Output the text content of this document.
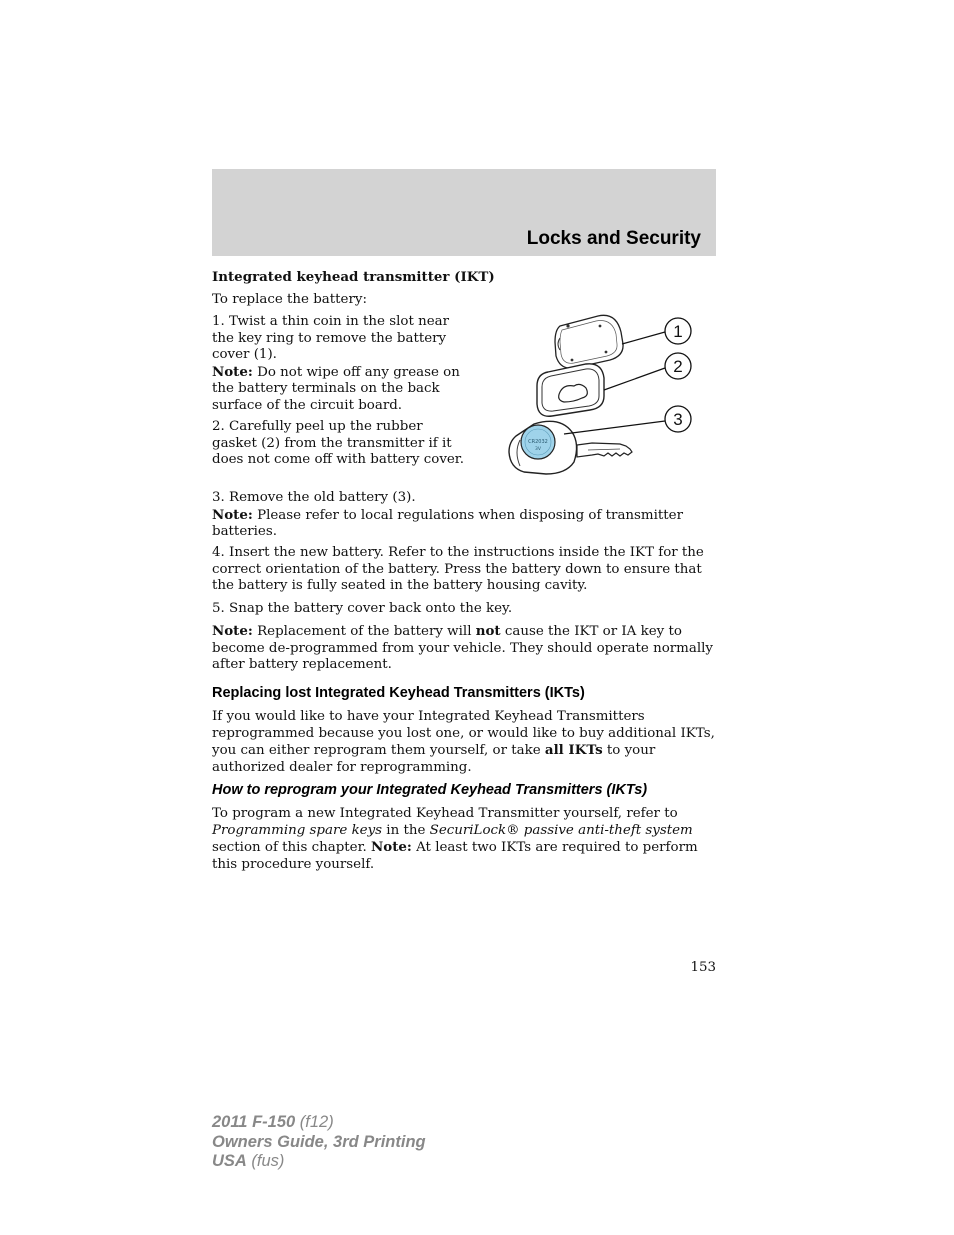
Locks and Security
Integrated keyhead transmitter (IKT)
To replace the battery:
1. Twist a thin coin in the slot near the key ring to remove the battery cover (1).
Note: Do not wipe off any grease on the battery terminals on the back surface of the circuit board.
2. Carefully peel up the rubber gasket (2) from the transmitter if it does not come off with battery cover.
3. Remove the old battery (3).
Note: Please refer to local regulations when disposing of transmitter batteries.
4. Insert the new battery. Refer to the instructions inside the IKT for the correct orientation of the battery. Press the battery down to ensure that the battery is fully seated in the battery housing cavity.
5. Snap the battery cover back onto the key.
Note: Replacement of the battery will not cause the IKT or IA key to become de-programmed from your vehicle. They should operate normally after battery replacement.
Replacing lost Integrated Keyhead Transmitters (IKTs)
If you would like to have your Integrated Keyhead Transmitters reprogrammed because you lost one, or would like to buy additional IKTs, you can either reprogram them yourself, or take all IKTs to your authorized dealer for reprogramming.
How to reprogram your Integrated Keyhead Transmitters (IKTs)
To program a new Integrated Keyhead Transmitter yourself, refer to Programming spare keys in the SecuriLock® passive anti-theft system section of this chapter. Note: At least two IKTs are required to perform this procedure yourself.
CR2032
3V
1
2
3
153
2011 F-150 (f12)
Owners Guide, 3rd Printing
USA (fus)
